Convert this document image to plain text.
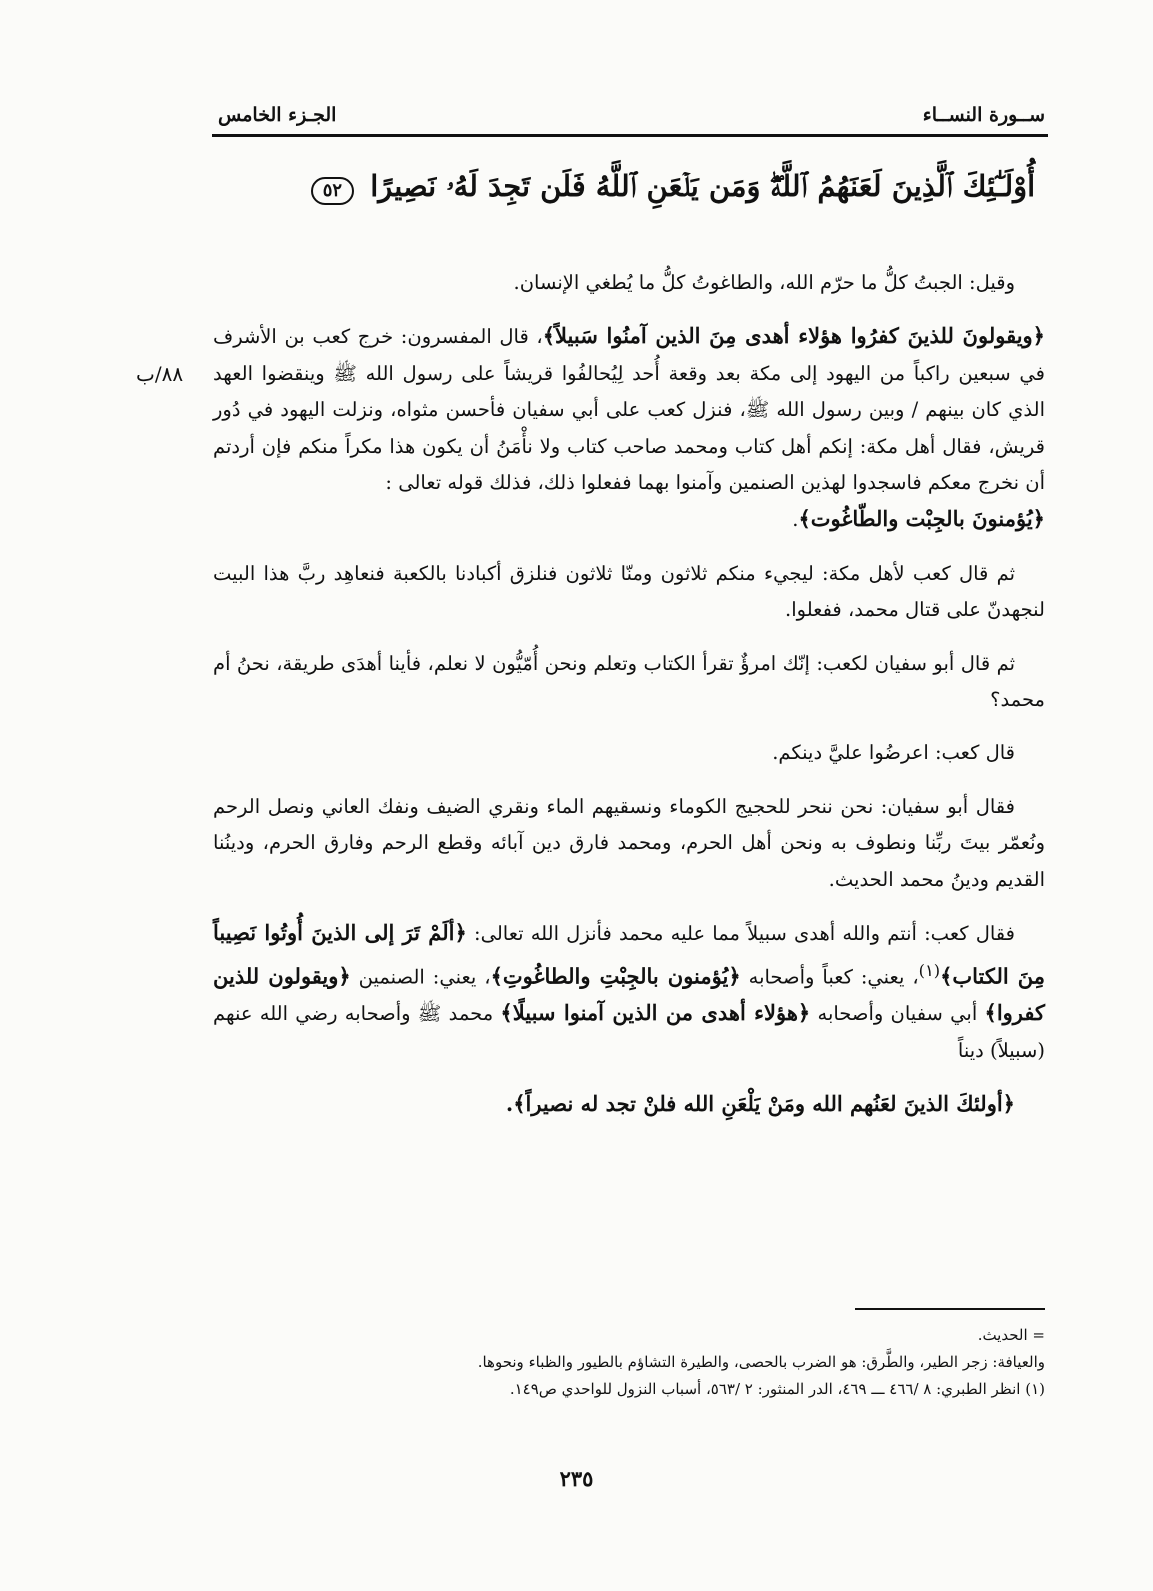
ســورة النســاء
الجـزء الخامس
أُوْلَـٰٓئِكَ ٱلَّذِينَ لَعَنَهُمُ ٱللَّهُۖ وَمَن يَلۡعَنِ ٱللَّهُ فَلَن تَجِدَ لَهُۥ نَصِيرًا ٥٢
٨٨/ب

وقيل: الجبتُ كلُّ ما حرّم الله، والطاغوتُ كلُّ ما يُطغي الإنسان.

﴿ويقولونَ للذينَ كفرُوا هؤلاء أهدى مِنَ الذين آمنُوا سَبيلاً﴾، قال المفسرون: خرج كعب بن الأشرف في سبعين راكباً من اليهود إلى مكة بعد وقعة أُحد لِيُحالفُوا قريشاً على رسول الله ﷺ وينقضوا العهد الذي كان بينهم / وبين رسول الله ﷺ، فنزل كعب على أبي سفيان فأحسن مثواه، ونزلت اليهود في دُور قريش، فقال أهل مكة: إنكم أهل كتاب ومحمد صاحب كتاب ولا نأْمَنُ أن يكون هذا مكراً منكم فإن أردتم أن نخرج معكم فاسجدوا لهذين الصنمين وآمنوا بهما ففعلوا ذلك، فذلك قوله تعالى :
﴿يُؤمنونَ بالجِبْت والطّاغُوت﴾.

ثم قال كعب لأهل مكة: ليجيء منكم ثلاثون ومنّا ثلاثون فنلزق أكبادنا بالكعبة فنعاهِد ربَّ هذا البيت لنجهدنّ على قتال محمد، ففعلوا.

ثم قال أبو سفيان لكعب: إنّك امرؤٌ تقرأ الكتاب وتعلم ونحن أُمّيُّون لا نعلم، فأينا أهدَى طريقة، نحنُ أم محمد؟

قال كعب: اعرضُوا عليَّ دينكم.

فقال أبو سفيان: نحن ننحر للحجيج الكوماء ونسقيهم الماء ونقري الضيف ونفك العاني ونصل الرحم ونُعمّر بيتَ ربِّنا ونطوف به ونحن أهل الحرم، ومحمد فارق دين آبائه وقطع الرحم وفارق الحرم، ودينُنا القديم ودينُ محمد الحديث.

فقال كعب: أنتم والله أهدى سبيلاً مما عليه محمد فأنزل الله تعالى: ﴿ألَمْ تَرَ إلى الذينَ أُوتُوا نَصِيباً مِنَ الكتاب﴾$^{(١)}$، يعني: كعباً وأصحابه ﴿يُؤمنون بالجِبْتِ والطاغُوتِ﴾، يعني: الصنمين ﴿ويقولون للذين كفروا﴾ أبي سفيان وأصحابه ﴿هؤلاء أهدى من الذين آمنوا سبيلًا﴾ محمد ﷺ وأصحابه رضي الله عنهم (سبيلاً) ديناً

﴿أولئكَ الذينَ لعَنُهم الله ومَنْ يَلْعَنِ الله فلنْ تجد له نصيراً﴾.

= الحديث.
والعيافة: زجر الطير، والطَّرق: هو الضرب بالحصى، والطيرة التشاؤم بالطيور والظباء ونحوها.
(١) انظر الطبري: ٨ /٤٦٦ ـــ ٤٦٩، الدر المنثور: ٢ /٥٦٣، أسباب النزول للواحدي ص١٤٩.
٢٣٥
